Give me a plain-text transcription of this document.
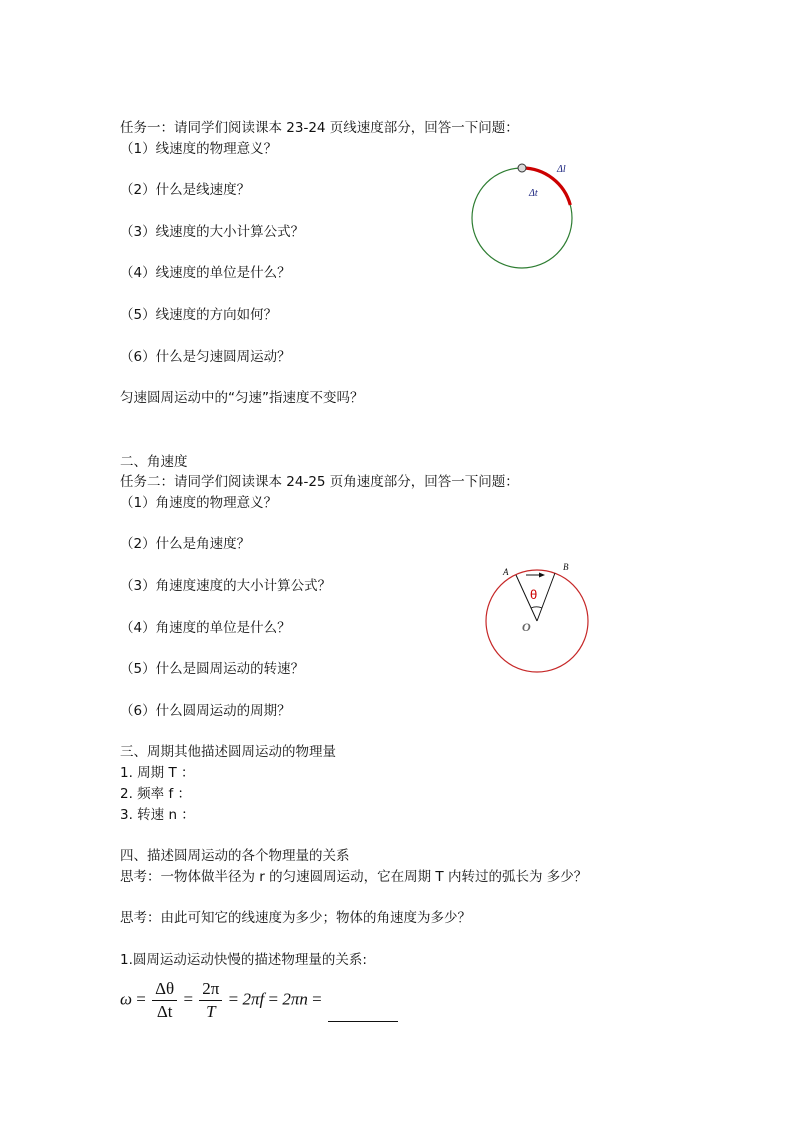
任务一：请同学们阅读课本 23-24 页线速度部分，回答一下问题：
（1）线速度的物理意义？
（2）什么是线速度？
（3）线速度的大小计算公式？
（4）线速度的单位是什么？
（5）线速度的方向如何？
（6）什么是匀速圆周运动？
匀速圆周运动中的“匀速”指速度不变吗？
Δl
Δt
二、角速度
任务二：请同学们阅读课本 24-25 页角速度部分，回答一下问题：
（1）角速度的物理意义？
（2）什么是角速度？
（3）角速度速度的大小计算公式？
（4）角速度的单位是什么？
（5）什么是圆周运动的转速？
（6）什么圆周运动的周期？
A	B
θ
O
三、周期其他描述圆周运动的物理量
1. 周期 T ：
2. 频率 f ：
3. 转速 n ：
四、描述圆周运动的各个物理量的关系
思考：一物体做半径为 r 的匀速圆周运动，它在周期 T 内转过的弧长为 多少？
思考：由此可知它的线速度为多少；物体的角速度为多少？
1.圆周运动运动快慢的描述物理量的关系:
$\omega = \frac{\Delta\theta}{\Delta t} = \frac{2\pi}{T} = 2\pi f = 2\pi n$ =
